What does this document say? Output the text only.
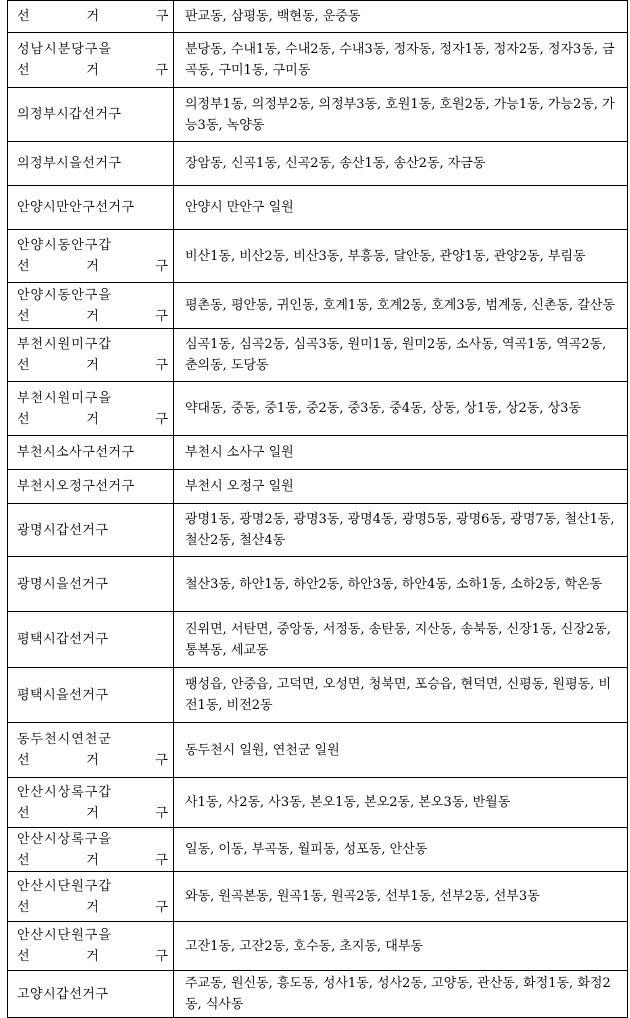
선 거 구	판교동, 삼평동, 백현동, 운중동

성남시분당구을
선 거 구	분당동, 수내1동, 수내2동, 수내3동, 정자동, 정자1동, 정자2동, 정자3동, 금곡동, 구미1동, 구미동

의정부시갑선거구	의정부1동, 의정부2동, 의정부3동, 호원1동, 호원2동, 가능1동, 가능2동, 가능3동, 녹양동

의정부시을선거구	장암동, 신곡1동, 신곡2동, 송산1동, 송산2동, 자금동

안양시만안구선거구	안양시 만안구 일원

안양시동안구갑
선 거 구	비산1동, 비산2동, 비산3동, 부흥동, 달안동, 관양1동, 관양2동, 부림동

안양시동안구을
선 거 구	평촌동, 평안동, 귀인동, 호계1동, 호계2동, 호계3동, 범계동, 신촌동, 갈산동

부천시원미구갑
선 거 구	심곡1동, 심곡2동, 심곡3동, 원미1동, 원미2동, 소사동, 역곡1동, 역곡2동, 춘의동, 도당동

부천시원미구을
선 거 구	약대동, 중동, 중1동, 중2동, 중3동, 중4동, 상동, 상1동, 상2동, 상3동

부천시소사구선거구	부천시 소사구 일원

부천시오정구선거구	부천시 오정구 일원

광명시갑선거구	광명1동, 광명2동, 광명3동, 광명4동, 광명5동, 광명6동, 광명7동, 철산1동, 철산2동, 철산4동

광명시을선거구	철산3동, 하안1동, 하안2동, 하안3동, 하안4동, 소하1동, 소하2동, 학온동

평택시갑선거구	진위면, 서탄면, 중앙동, 서정동, 송탄동, 지산동, 송북동, 신장1동, 신장2동, 통복동, 세교동

평택시을선거구	팽성읍, 안중읍, 고덕면, 오성면, 청북면, 포승읍, 현덕면, 신평동, 원평동, 비전1동, 비전2동

동두천시연천군
선 거 구	동두천시 일원, 연천군 일원

안산시상록구갑
선 거 구	사1동, 사2동, 사3동, 본오1동, 본오2동, 본오3동, 반월동

안산시상록구을
선 거 구	일동, 이동, 부곡동, 월피동, 성포동, 안산동

안산시단원구갑
선 거 구	와동, 원곡본동, 원곡1동, 원곡2동, 선부1동, 선부2동, 선부3동

안산시단원구을
선 거 구	고잔1동, 고잔2동, 호수동, 초지동, 대부동

고양시갑선거구	주교동, 원신동, 흥도동, 성사1동, 성사2동, 고양동, 관산동, 화정1동, 화정2동, 식사동
